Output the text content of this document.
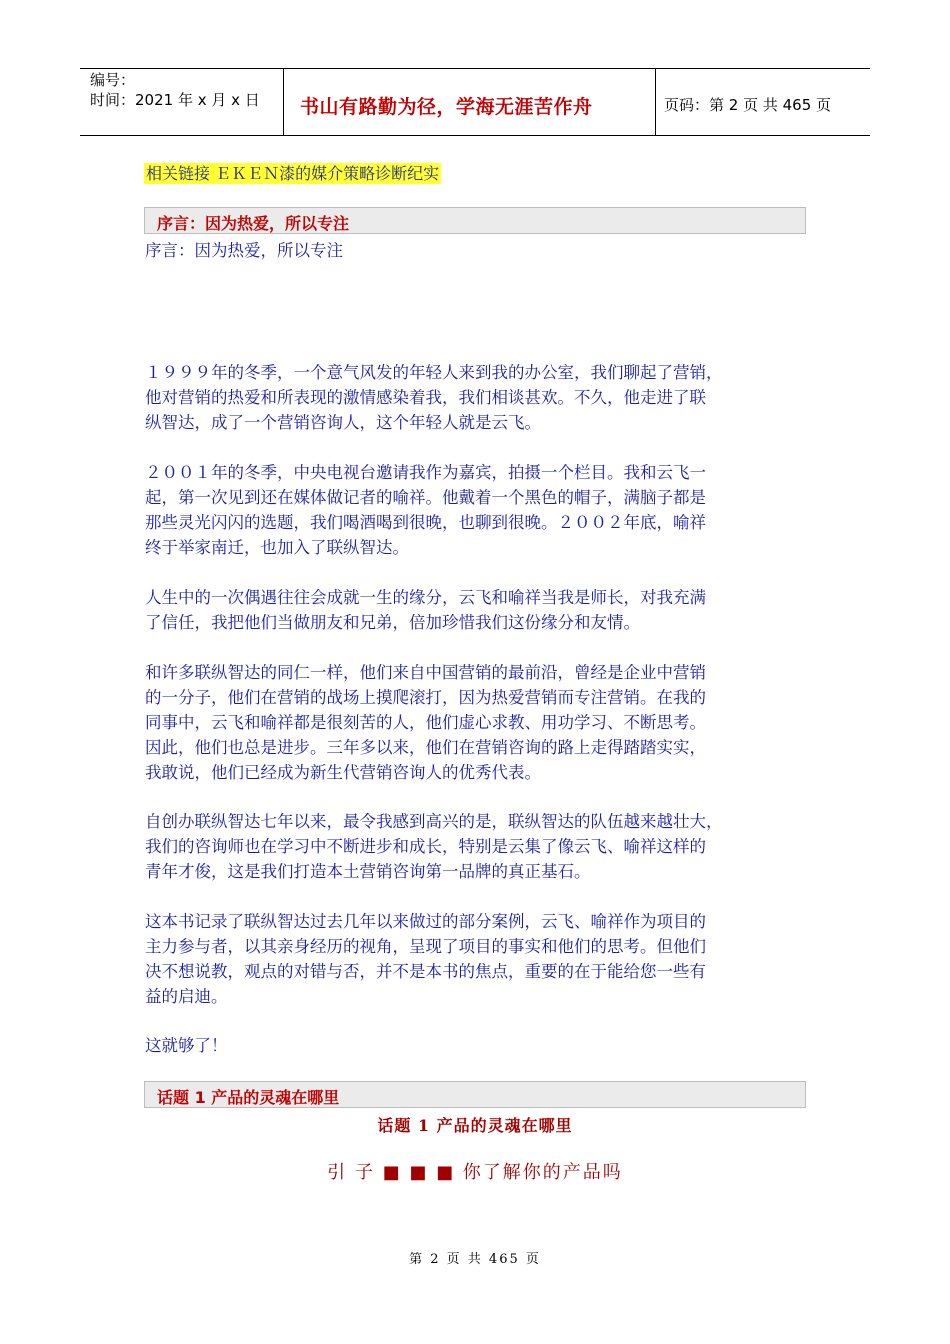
编号：
时间：2021 年 x 月 x 日 书山有路勤为径，学海无涯苦作舟	页码：第 2 页 共 465 页
相关链接 ＥＫＥＮ漆的媒介策略诊断纪实
序言：因为热爱，所以专注
序言：因为热爱，所以专注
１９９９年的冬季，一个意气风发的年轻人来到我的办公室，我们聊起了营销，
他对营销的热爱和所表现的激情感染着我，我们相谈甚欢。不久，他走进了联
纵智达，成了一个营销咨询人，这个年轻人就是云飞。
２００１年的冬季，中央电视台邀请我作为嘉宾，拍摄一个栏目。我和云飞一
起，第一次见到还在媒体做记者的喻祥。他戴着一个黑色的帽子，满脑子都是
那些灵光闪闪的选题，我们喝酒喝到很晚，也聊到很晚。２００２年底，喻祥
终于举家南迁，也加入了联纵智达。
人生中的一次偶遇往往会成就一生的缘分，云飞和喻祥当我是师长，对我充满
了信任，我把他们当做朋友和兄弟，倍加珍惜我们这份缘分和友情。
和许多联纵智达的同仁一样，他们来自中国营销的最前沿，曾经是企业中营销
的一分子，他们在营销的战场上摸爬滚打，因为热爱营销而专注营销。在我的
同事中，云飞和喻祥都是很刻苦的人，他们虚心求教、用功学习、不断思考。
因此，他们也总是进步。三年多以来，他们在营销咨询的路上走得踏踏实实，
我敢说，他们已经成为新生代营销咨询人的优秀代表。
自创办联纵智达七年以来，最令我感到高兴的是，联纵智达的队伍越来越壮大，
我们的咨询师也在学习中不断进步和成长，特别是云集了像云飞、喻祥这样的
青年才俊，这是我们打造本土营销咨询第一品牌的真正基石。
这本书记录了联纵智达过去几年以来做过的部分案例，云飞、喻祥作为项目的
主力参与者，以其亲身经历的视角，呈现了项目的事实和他们的思考。但他们
决不想说教，观点的对错与否，并不是本书的焦点，重要的在于能给您一些有
益的启迪。
这就够了！
话题 1 产品的灵魂在哪里
话题 1 产品的灵魂在哪里
引 子 ■ ■ ■ 你了解你的产品吗
第 2 页 共 465 页
